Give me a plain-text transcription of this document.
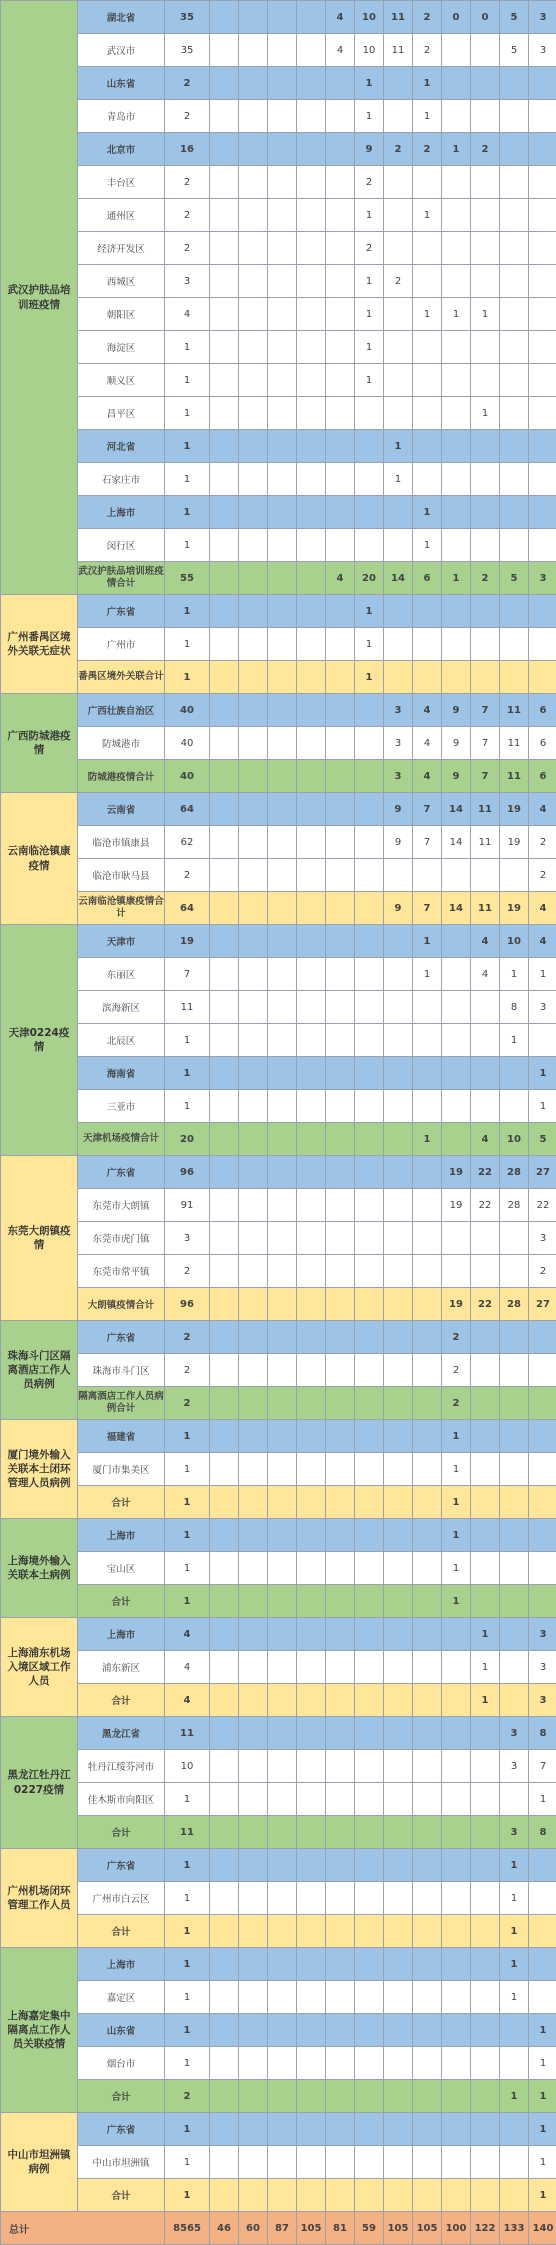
武汉护肤品培训班疫情	湖北省	35					4	10	11	2	0	0	5	3	
	武汉市	35					4	10	11	2			5	3	
	山东省	2						1		1					
	青岛市	2						1		1					
	北京市	16						9	2	2	1	2			
	丰台区	2						2							
	通州区	2						1		1					
	经济开发区	2						2							
	西城区	3						1	2						
	朝阳区	4						1		1	1	1			
	海淀区	1						1							
	顺义区	1						1							
	昌平区	1										1			
	河北省	1							1						
	石家庄市	1							1						
	上海市	1								1					
	闵行区	1								1					
	武汉护肤品培训班疫情合计	55					4	20	14	6	1	2	5	3	
广州番禺区境外关联无症状	广东省	1						1							
	广州市	1						1							
	番禺区境外关联合计	1						1							
广西防城港疫情	广西壮族自治区	40							3	4	9	7	11	6	
	防城港市	40							3	4	9	7	11	6	
	防城港疫情合计	40							3	4	9	7	11	6	
云南临沧镇康疫情	云南省	64							9	7	14	11	19	4	
	临沧市镇康县	62							9	7	14	11	19	2	
	临沧市耿马县	2												2	
	云南临沧镇康疫情合计	64							9	7	14	11	19	4	
天津0224疫情	天津市	19								1		4	10	4	
	东丽区	7								1		4	1	1	
	滨海新区	11											8	3	
	北辰区	1											1		
	海南省	1												1	
	三亚市	1												1	
	天津机场疫情合计	20								1		4	10	5	
东莞大朗镇疫情	广东省	96									19	22	28	27	
	东莞市大朗镇	91									19	22	28	22	
	东莞市虎门镇	3												3	
	东莞市常平镇	2												2	
	大朗镇疫情合计	96									19	22	28	27	
珠海斗门区隔离酒店工作人员病例	广东省	2									2				
	珠海市斗门区	2									2				
	隔离酒店工作人员病例合计	2									2				
厦门境外输入关联本土闭环管理人员病例	福建省	1									1				
	厦门市集美区	1									1				
	合计	1									1				
上海境外输入关联本土病例	上海市	1									1				
	宝山区	1									1				
	合计	1									1				
上海浦东机场入境区域工作人员	上海市	4										1		3	
	浦东新区	4										1		3	
	合计	4										1		3	
黑龙江牡丹江0227疫情	黑龙江省	11											3	8	
	牡丹江绥芬河市	10											3	7	
	佳木斯市向阳区	1												1	
	合计	11											3	8	
广州机场闭环管理工作人员	广东省	1											1		
	广州市白云区	1											1		
	合计	1											1		
上海嘉定集中隔离点工作人员关联疫情	上海市	1											1		
	嘉定区	1											1		
	山东省	1												1	
	烟台市	1												1	
	合计	2											1	1	
中山市坦洲镇病例	广东省	1												1	
	中山市坦洲镇	1												1	
	合计	1												1	
总计		8565	46	60	87	105	81	59	105	105	100	122	133	140	
